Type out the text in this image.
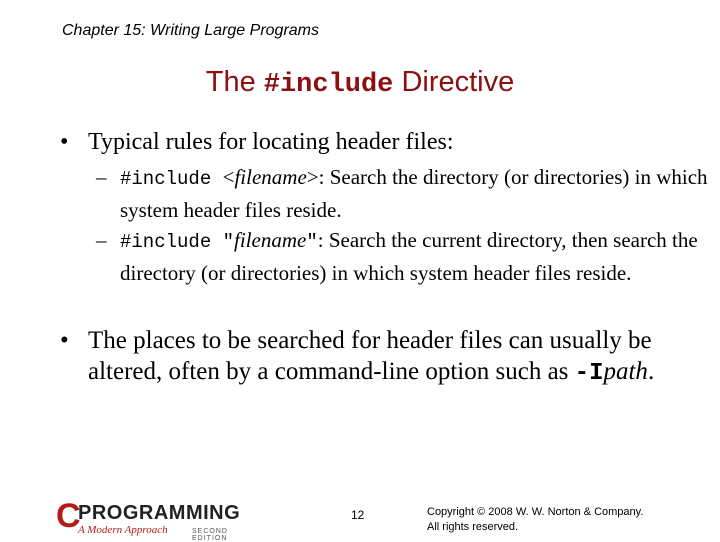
Chapter 15: Writing Large Programs
The #include Directive
• Typical rules for locating header files:
– #include <filename>: Search the directory (or directories) in which system header files reside.
– #include "filename": Search the current directory, then search the directory (or directories) in which system header files reside.
• The places to be searched for header files can usually be altered, often by a command-line option such as -Ipath.
C
PROGRAMMING
A Modern Approach	SECOND EDITION
12	Copyright © 2008 W. W. Norton & Company.
All rights reserved.
